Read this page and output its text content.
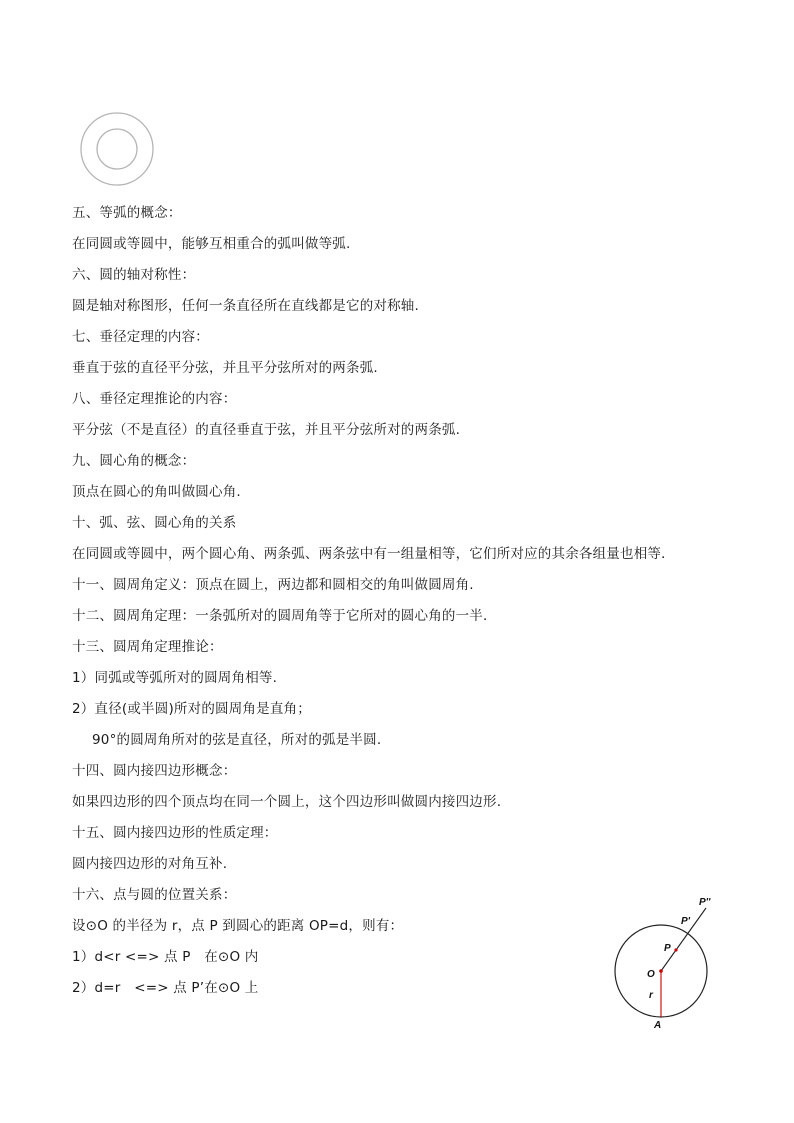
五、等弧的概念：
在同圆或等圆中，能够互相重合的弧叫做等弧.
六、圆的轴对称性：
圆是轴对称图形，任何一条直径所在直线都是它的对称轴.
七、垂径定理的内容：
垂直于弦的直径平分弦，并且平分弦所对的两条弧.
八、垂径定理推论的内容：
平分弦（不是直径）的直径垂直于弦，并且平分弦所对的两条弧.
九、圆心角的概念：
顶点在圆心的角叫做圆心角.
十、弧、弦、圆心角的关系
在同圆或等圆中，两个圆心角、两条弧、两条弦中有一组量相等，它们所对应的其余各组量也相等．
十一、圆周角定义：顶点在圆上，两边都和圆相交的角叫做圆周角.
十二、圆周角定理：一条弧所对的圆周角等于它所对的圆心角的一半．
十三、圆周角定理推论：
1）同弧或等弧所对的圆周角相等.
2）直径(或半圆)所对的圆周角是直角；
90°的圆周角所对的弦是直径，所对的弧是半圆.
十四、圆内接四边形概念：
如果四边形的四个顶点均在同一个圆上，这个四边形叫做圆内接四边形.
十五、圆内接四边形的性质定理：
圆内接四边形的对角互补.
十六、点与圆的位置关系：
设⊙O 的半径为 r，点 P 到圆心的距离 OP=d，则有：
1）d<r <=> 点 P　在⊙O 内
2）d=r　<=> 点 P’在⊙O 上
P''
P'
P
O
r
A
